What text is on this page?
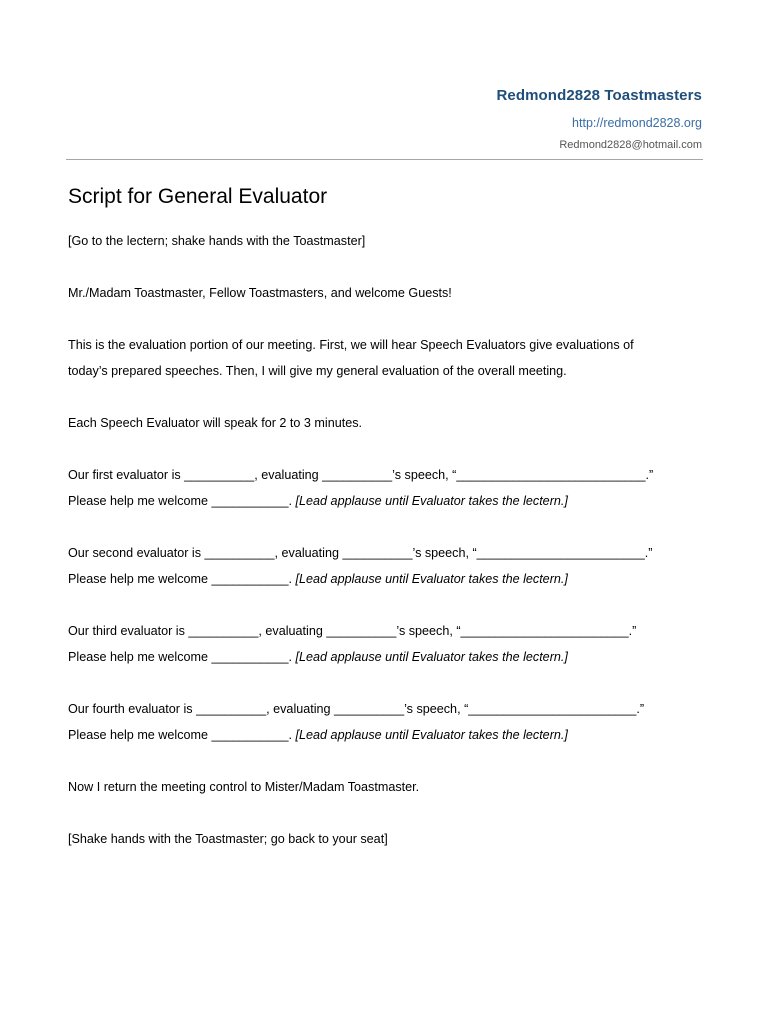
Redmond2828 Toastmasters
http://redmond2828.org
Redmond2828@hotmail.com
Script for General Evaluator

[Go to the lectern; shake hands with the Toastmaster]

Mr./Madam Toastmaster, Fellow Toastmasters, and welcome Guests!

This is the evaluation portion of our meeting. First, we will hear Speech Evaluators give evaluations of
today’s prepared speeches. Then, I will give my general evaluation of the overall meeting.

Each Speech Evaluator will speak for 2 to 3 minutes.

Our first evaluator is __________, evaluating __________’s speech, “___________________________.”
Please help me welcome ___________. [Lead applause until Evaluator takes the lectern.]

Our second evaluator is __________, evaluating __________’s speech, “________________________.”
Please help me welcome ___________. [Lead applause until Evaluator takes the lectern.]

Our third evaluator is __________, evaluating __________’s speech, “________________________.”
Please help me welcome ___________. [Lead applause until Evaluator takes the lectern.]

Our fourth evaluator is __________, evaluating __________’s speech, “________________________.”
Please help me welcome ___________. [Lead applause until Evaluator takes the lectern.]

Now I return the meeting control to Mister/Madam Toastmaster.

[Shake hands with the Toastmaster; go back to your seat]
